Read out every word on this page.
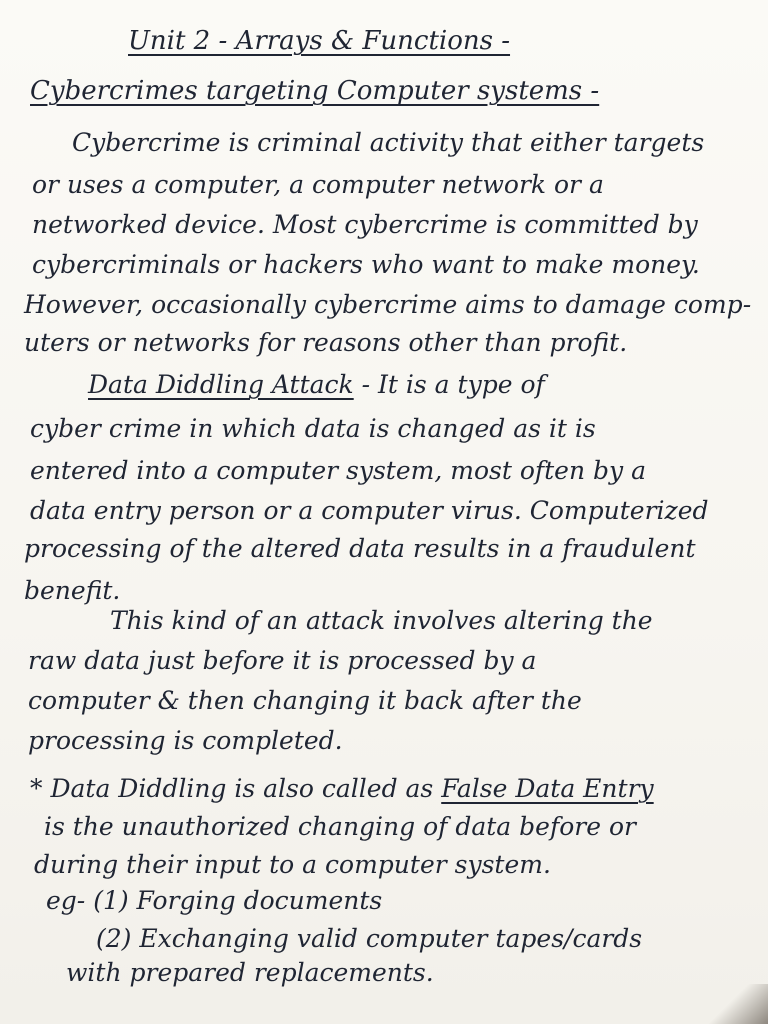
Unit 2 - Arrays & Functions -
Cybercrimes targeting Computer systems -
Cybercrime is criminal activity that either targets
or uses a computer, a computer network or a
networked device. Most cybercrime is committed by
cybercriminals or hackers who want to make money.
However, occasionally cybercrime aims to damage comp-
uters or networks for reasons other than profit.
Data Diddling Attack - It is a type of
cyber crime in which data is changed as it is
entered into a computer system, most often by a
data entry person or a computer virus. Computerized
processing of the altered data results in a fraudulent
benefit.
This kind of an attack involves altering the
raw data just before it is processed by a
computer & then changing it back after the
processing is completed.
* Data Diddling is also called as False Data Entry
is the unauthorized changing of data before or
during their input to a computer system.
eg- (1) Forging documents
(2) Exchanging valid computer tapes/cards
with prepared replacements.
